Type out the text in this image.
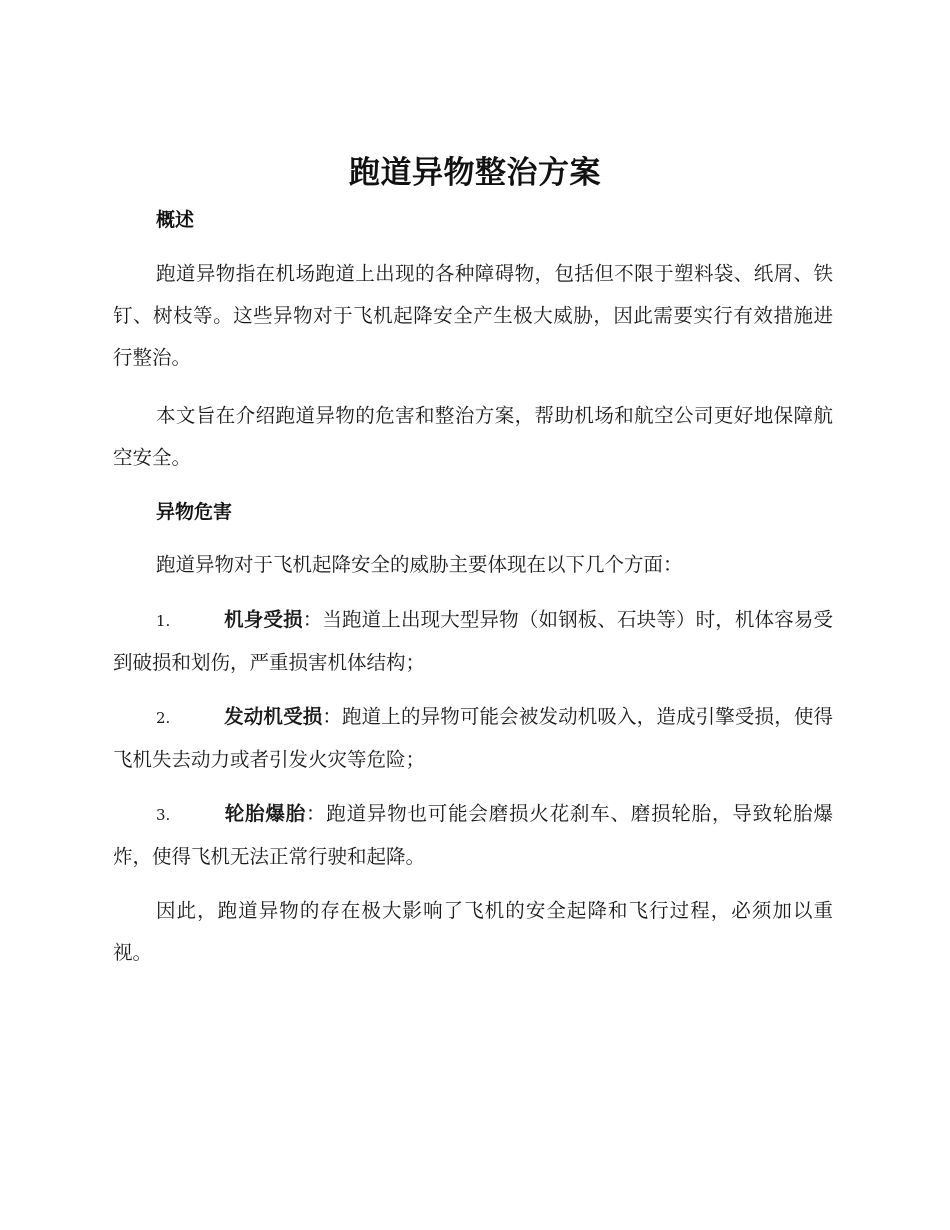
跑道异物整治方案
概述

跑道异物指在机场跑道上出现的各种障碍物，包括但不限于塑料袋、纸屑、铁钉、树枝等。这些异物对于飞机起降安全产生极大威胁，因此需要实行有效措施进行整治。

本文旨在介绍跑道异物的危害和整治方案，帮助机场和航空公司更好地保障航空安全。

异物危害

跑道异物对于飞机起降安全的威胁主要体现在以下几个方面：

1.	机身受损：当跑道上出现大型异物（如钢板、石块等）时，机体容易受到破损和划伤，严重损害机体结构；

2.	发动机受损：跑道上的异物可能会被发动机吸入，造成引擎受损，使得飞机失去动力或者引发火灾等危险；

3.	轮胎爆胎：跑道异物也可能会磨损火花刹车、磨损轮胎，导致轮胎爆炸，使得飞机无法正常行驶和起降。

因此，跑道异物的存在极大影响了飞机的安全起降和飞行过程，必须加以重视。
